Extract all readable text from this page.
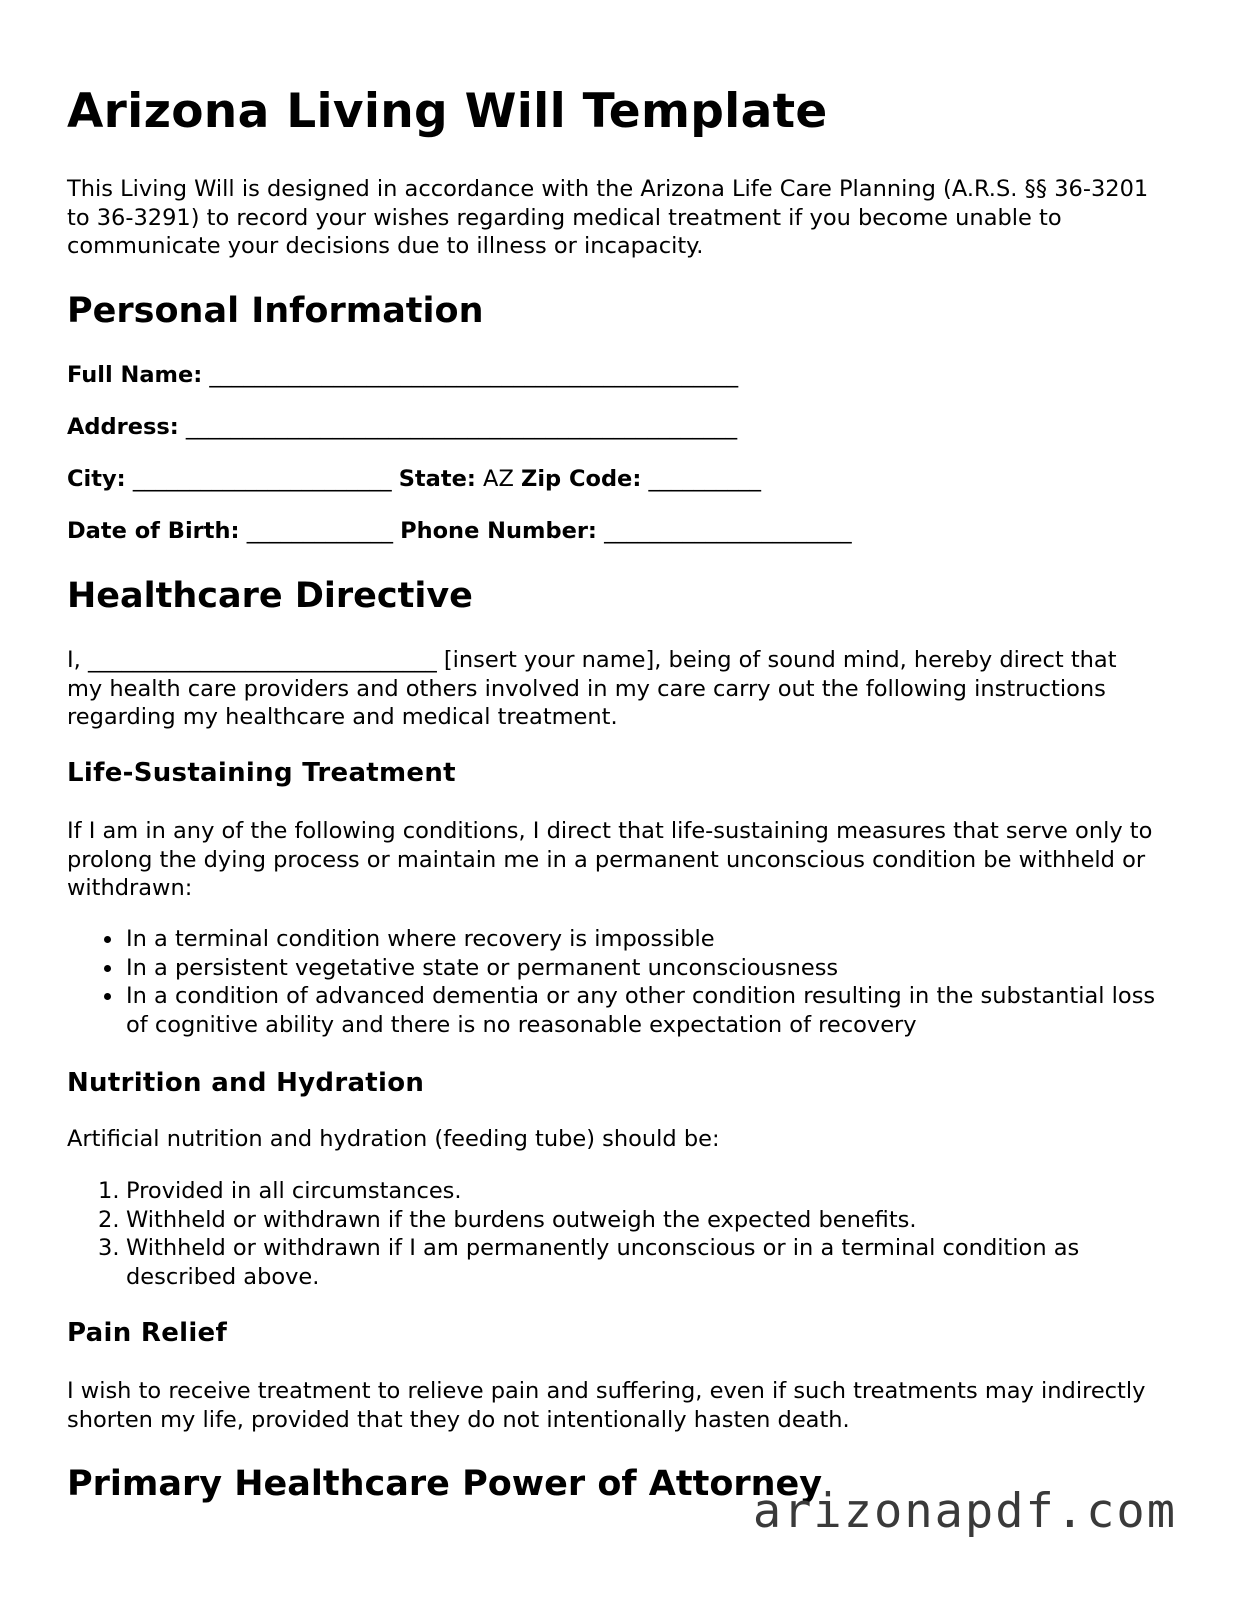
Arizona Living Will Template

This Living Will is designed in accordance with the Arizona Life Care Planning (A.R.S. §§ 36-3201 to 36-3291) to record your wishes regarding medical treatment if you become unable to communicate your decisions due to illness or incapacity.

Personal Information
Full Name: _______________________________________________
Address: _________________________________________________
City: _______________________ State: AZ Zip Code: __________
Date of Birth: _____________ Phone Number: ______________________
Healthcare Directive

I, _______________________________ [insert your name], being of sound mind, hereby direct that my health care providers and others involved in my care carry out the following instructions regarding my healthcare and medical treatment.

Life-Sustaining Treatment

If I am in any of the following conditions, I direct that life-sustaining measures that serve only to prolong the dying process or maintain me in a permanent unconscious condition be withheld or withdrawn:

In a terminal condition where recovery is impossible
In a persistent vegetative state or permanent unconsciousness
In a condition of advanced dementia or any other condition resulting in the substantial loss of cognitive ability and there is no reasonable expectation of recovery
Nutrition and Hydration

Artificial nutrition and hydration (feeding tube) should be:

1. Provided in all circumstances.
2. Withheld or withdrawn if the burdens outweigh the expected benefits.
3. Withheld or withdrawn if I am permanently unconscious or in a terminal condition as described above.
Pain Relief

I wish to receive treatment to relieve pain and suffering, even if such treatments may indirectly shorten my life, provided that they do not intentionally hasten death.

Primary Healthcare Power of Attorney
arizonapdf.com
